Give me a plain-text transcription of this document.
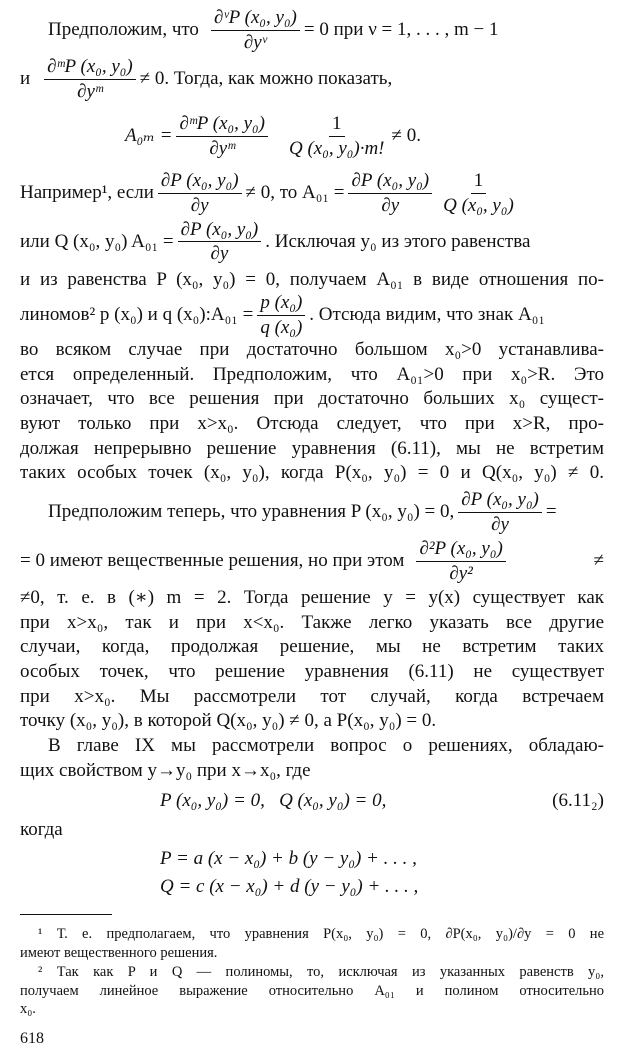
Предположим, что $\frac{\text{∂ᵛP (x₀, y₀)}}{\text{∂yᵛ}} = 0$ при ν = 1, . . . , m − 1
и $\frac{\text{∂ᵐP (x₀, y₀)}}{\text{∂yᵐ}} \ne 0$. Тогда, как можно показать,
$A_{0m} = \frac{\text{∂ᵐP (x₀, y₀)}}{\text{∂yᵐ}} \frac{1}{\text{Q (x₀, y₀)·m!}} \ne 0$.
Например¹, если $\frac{\text{∂P (x₀, y₀)}}{\partial y} \ne 0$, то $A_{01} = \frac{\text{∂P (x₀, y₀)}}{\partial y} \frac{1}{\text{Q (x₀, y₀)}}$
или Q (x₀, y₀) $A_{01} = \frac{\text{∂P (x₀, y₀)}}{\partial y}$ . Исключая y₀ из этого равенства
и из равенства P (x₀, y₀) = 0, получаем A₀₁ в виде отношения по-
линомов² p (x₀) и q (x₀):A₀₁ = $\frac{\text{p (x₀)}}{\text{q (x₀)}}$ . Отсюда видим, что знак A₀₁
во всяком случае при достаточно большом x₀>0 устанавлива-
ется определенный. Предположим, что A₀₁>0 при x₀>R. Это
означает, что все решения при достаточно больших x₀ сущест-
вуют только при x>x₀. Отсюда следует, что при x>R, про-
должая непрерывно решение уравнения (6.11), мы не встретим
таких особых точек (x₀, y₀), когда P(x₀, y₀) = 0 и Q(x₀, y₀) ≠ 0.
Предположим теперь, что уравнения P (x₀, y₀) = 0, $\frac{\text{∂P (x₀, y₀)}}{\partial y}$ =
= 0 имеют вещественные решения, но при этом $\frac{\text{∂²P (x₀, y₀)}}{\text{∂y²}}$	≠
≠0, т. е. в (∗) m = 2. Тогда решение y = y(x) существует как
при x>x₀, так и при x<x₀. Также легко указать все другие
случаи, когда, продолжая решение, мы не встретим таких
особых точек, что решение уравнения (6.11) не существует
при x>x₀. Мы рассмотрели тот случай, когда встречаем
точку (x₀, y₀), в которой Q(x₀, y₀) ≠ 0, а P(x₀, y₀) = 0.
В главе IX мы рассмотрели вопрос о решениях, обладаю-
щих свойством y→y₀ при x→x₀, где
P (x₀, y₀) = 0,   Q (x₀, y₀) = 0,	(6.11₂)
когда
P = a (x − x₀) + b (y − y₀) + . . . ,
Q = c (x − x₀) + d (y − y₀) + . . . ,
¹ Т. е. предполагаем, что уравнения P(x₀, y₀) = 0, ∂P(x₀, y₀)/∂y = 0 не
имеют вещественного решения.
² Так как P и Q — полиномы, то, исключая из указанных равенств y₀,
получаем линейное выражение относительно A₀₁ и полином относительно
x₀.
618
